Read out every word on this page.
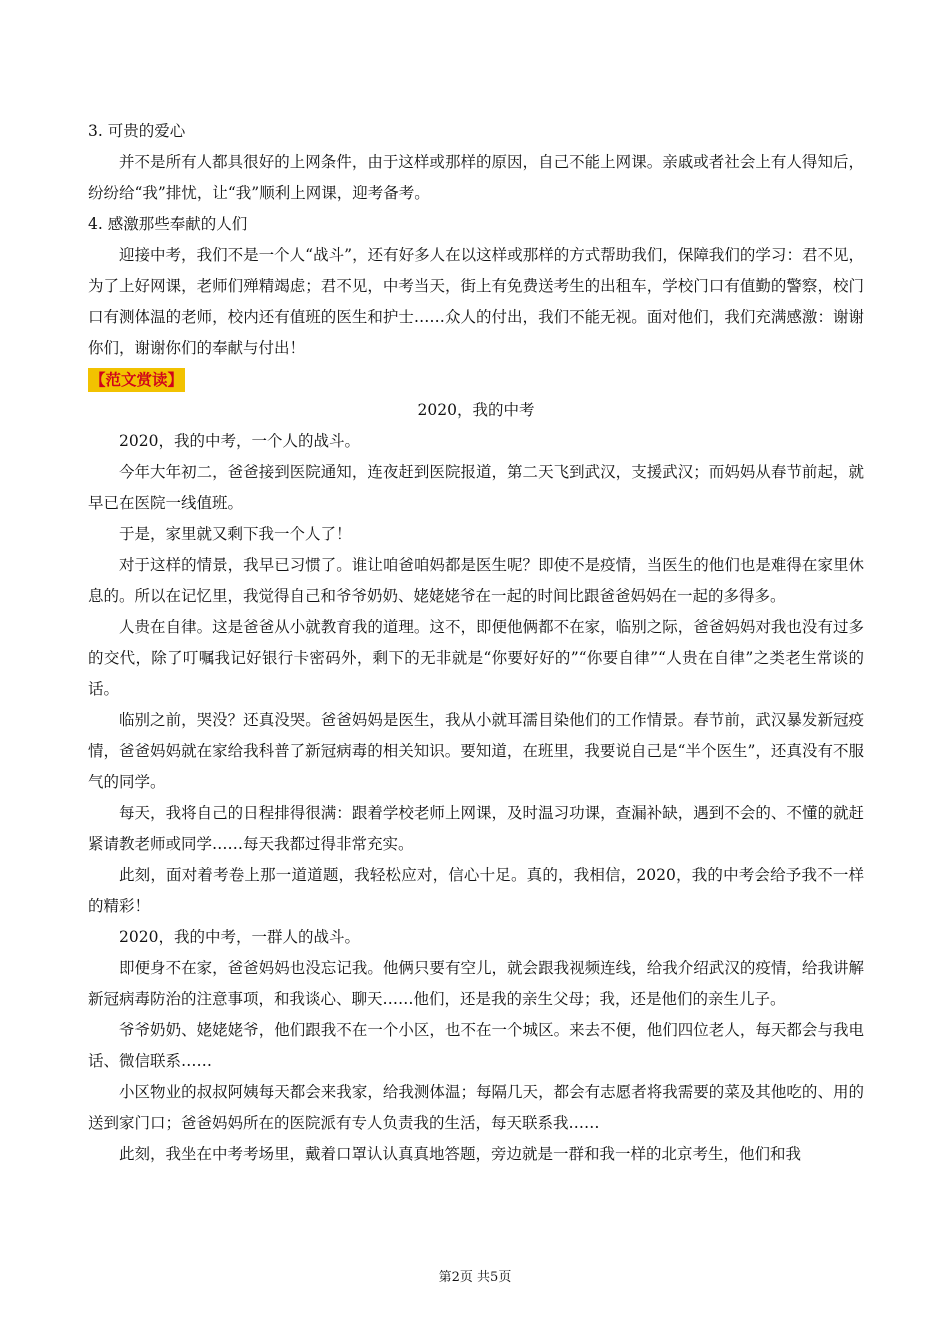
3. 可贵的爱心

并不是所有人都具很好的上网条件，由于这样或那样的原因，自己不能上网课。亲戚或者社会上有人得知后，纷纷给“我”排忧，让“我”顺利上网课，迎考备考。

4. 感激那些奉献的人们

迎接中考，我们不是一个人“战斗”，还有好多人在以这样或那样的方式帮助我们，保障我们的学习：君不见，为了上好网课，老师们殚精竭虑；君不见，中考当天，街上有免费送考生的出租车，学校门口有值勤的警察，校门口有测体温的老师，校内还有值班的医生和护士……众人的付出，我们不能无视。面对他们，我们充满感激：谢谢你们，谢谢你们的奉献与付出！

【范文赏读】

2020，我的中考

2020，我的中考，一个人的战斗。

今年大年初二，爸爸接到医院通知，连夜赶到医院报道，第二天飞到武汉，支援武汉；而妈妈从春节前起，就早已在医院一线值班。

于是，家里就又剩下我一个人了！

对于这样的情景，我早已习惯了。谁让咱爸咱妈都是医生呢？即使不是疫情，当医生的他们也是难得在家里休息的。所以在记忆里，我觉得自己和爷爷奶奶、姥姥姥爷在一起的时间比跟爸爸妈妈在一起的多得多。

人贵在自律。这是爸爸从小就教育我的道理。这不，即便他俩都不在家，临别之际，爸爸妈妈对我也没有过多的交代，除了叮嘱我记好银行卡密码外，剩下的无非就是“你要好好的”“你要自律”“人贵在自律”之类老生常谈的话。

临别之前，哭没？还真没哭。爸爸妈妈是医生，我从小就耳濡目染他们的工作情景。春节前，武汉暴发新冠疫情，爸爸妈妈就在家给我科普了新冠病毒的相关知识。要知道，在班里，我要说自己是“半个医生”，还真没有不服气的同学。

每天，我将自己的日程排得很满：跟着学校老师上网课，及时温习功课，查漏补缺，遇到不会的、不懂的就赶紧请教老师或同学……每天我都过得非常充实。

此刻，面对着考卷上那一道道题，我轻松应对，信心十足。真的，我相信，2020，我的中考会给予我不一样的精彩！

2020，我的中考，一群人的战斗。

即便身不在家，爸爸妈妈也没忘记我。他俩只要有空儿，就会跟我视频连线，给我介绍武汉的疫情，给我讲解新冠病毒防治的注意事项，和我谈心、聊天……他们，还是我的亲生父母；我，还是他们的亲生儿子。

爷爷奶奶、姥姥姥爷，他们跟我不在一个小区，也不在一个城区。来去不便，他们四位老人，每天都会与我电话、微信联系……

小区物业的叔叔阿姨每天都会来我家，给我测体温；每隔几天，都会有志愿者将我需要的菜及其他吃的、用的送到家门口；爸爸妈妈所在的医院派有专人负责我的生活，每天联系我……

此刻，我坐在中考考场里，戴着口罩认认真真地答题，旁边就是一群和我一样的北京考生，他们和我

第2页 共5页
